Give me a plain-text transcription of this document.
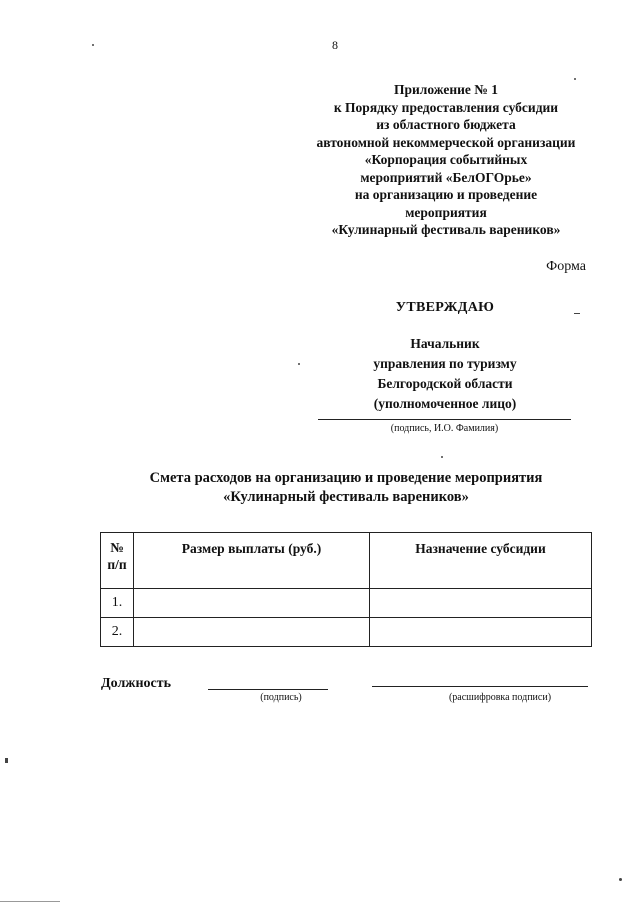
8
Приложение № 1
к Порядку предоставления субсидии
из областного бюджета
автономной некоммерческой организации
«Корпорация событийных
мероприятий «БелОГОрье»
на организацию и проведение
мероприятия
«Кулинарный фестиваль вареников»
Форма
УТВЕРЖДАЮ
Начальник
управления по туризму
Белгородской области
(уполномоченное лицо)
(подпись, И.О. Фамилия)
Смета расходов на организацию и проведение мероприятия
«Кулинарный фестиваль вареников»
№
п/п	Размер выплаты (руб.)	Назначение субсидии
1.		
2.		
Должность
(подпись)	(расшифровка подписи)
